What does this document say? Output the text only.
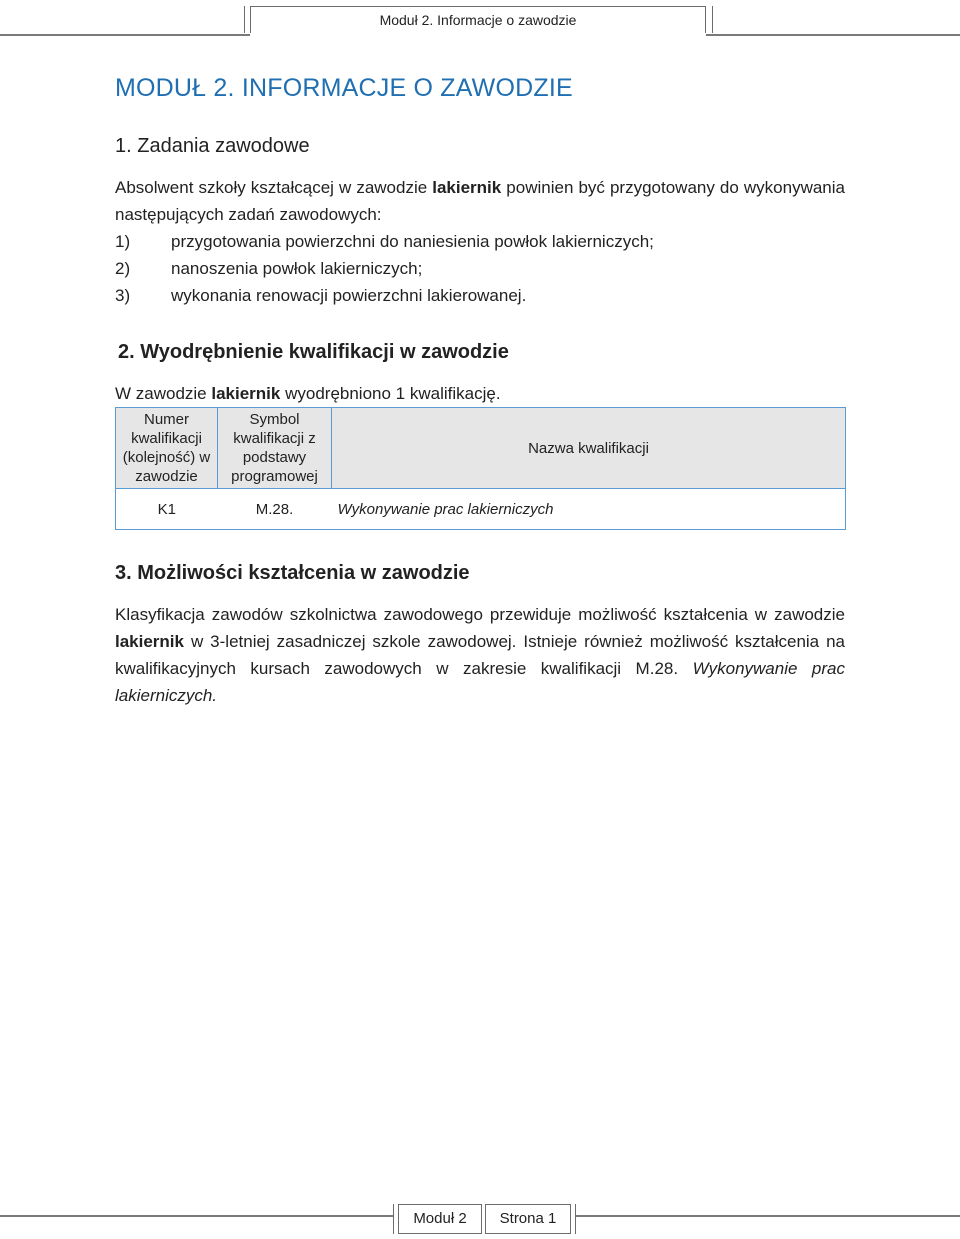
Moduł 2. Informacje o zawodzie
MODUŁ 2. INFORMACJE O ZAWODZIE
1. Zadania zawodowe

Absolwent szkoły kształcącej w zawodzie lakiernik powinien być przygotowany do wykonywania następujących zadań zawodowych:

1) przygotowania powierzchni do naniesienia powłok lakierniczych;
2) nanoszenia powłok lakierniczych;
3) wykonania renowacji powierzchni lakierowanej.
2. Wyodrębnienie kwalifikacji w zawodzie

W zawodzie lakiernik wyodrębniono 1 kwalifikację.

Numer kwalifikacji (kolejność) w zawodzie	Symbol kwalifikacji z podstawy programowej	Nazwa kwalifikacji
K1	M.28.	Wykonywanie prac lakierniczych
3. Możliwości kształcenia w zawodzie

Klasyfikacja zawodów szkolnictwa zawodowego przewiduje możliwość kształcenia w zawodzie lakiernik w 3-letniej zasadniczej szkole zawodowej. Istnieje również możliwość kształcenia na kwalifikacyjnych kursach zawodowych w zakresie kwalifikacji M.28. Wykonywanie prac lakierniczych.

Moduł 2	Strona 1
